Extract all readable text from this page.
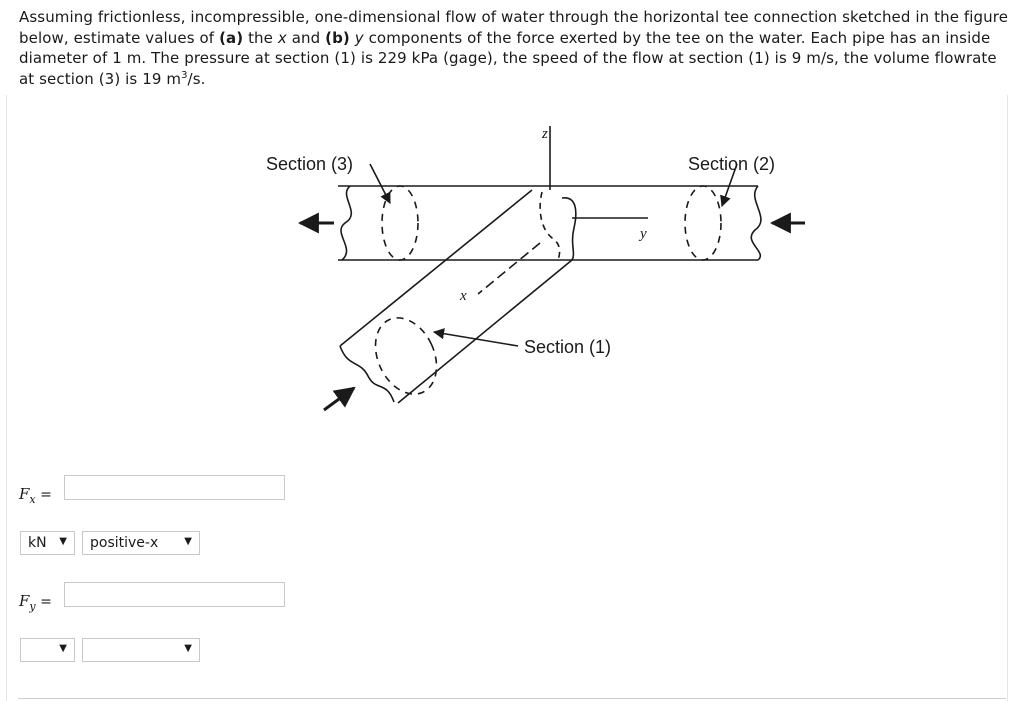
Assuming frictionless, incompressible, one-dimensional flow of water through the horizontal tee connection sketched in the figure below, estimate values of (a) the x and (b) y components of the force exerted by the tee on the water. Each pipe has an inside diameter of 1 m. The pressure at section (1) is 229 kPa (gage), the speed of the flow at section (1) is 9 m/s, the volume flowrate at section (3) is 19 $m^3/s$.
Section (3)	Section (2)
Section (1)
z
y
x
$F_x$ =
kN ▼ positive-x	▼
$F_y$ =
▼	▼
